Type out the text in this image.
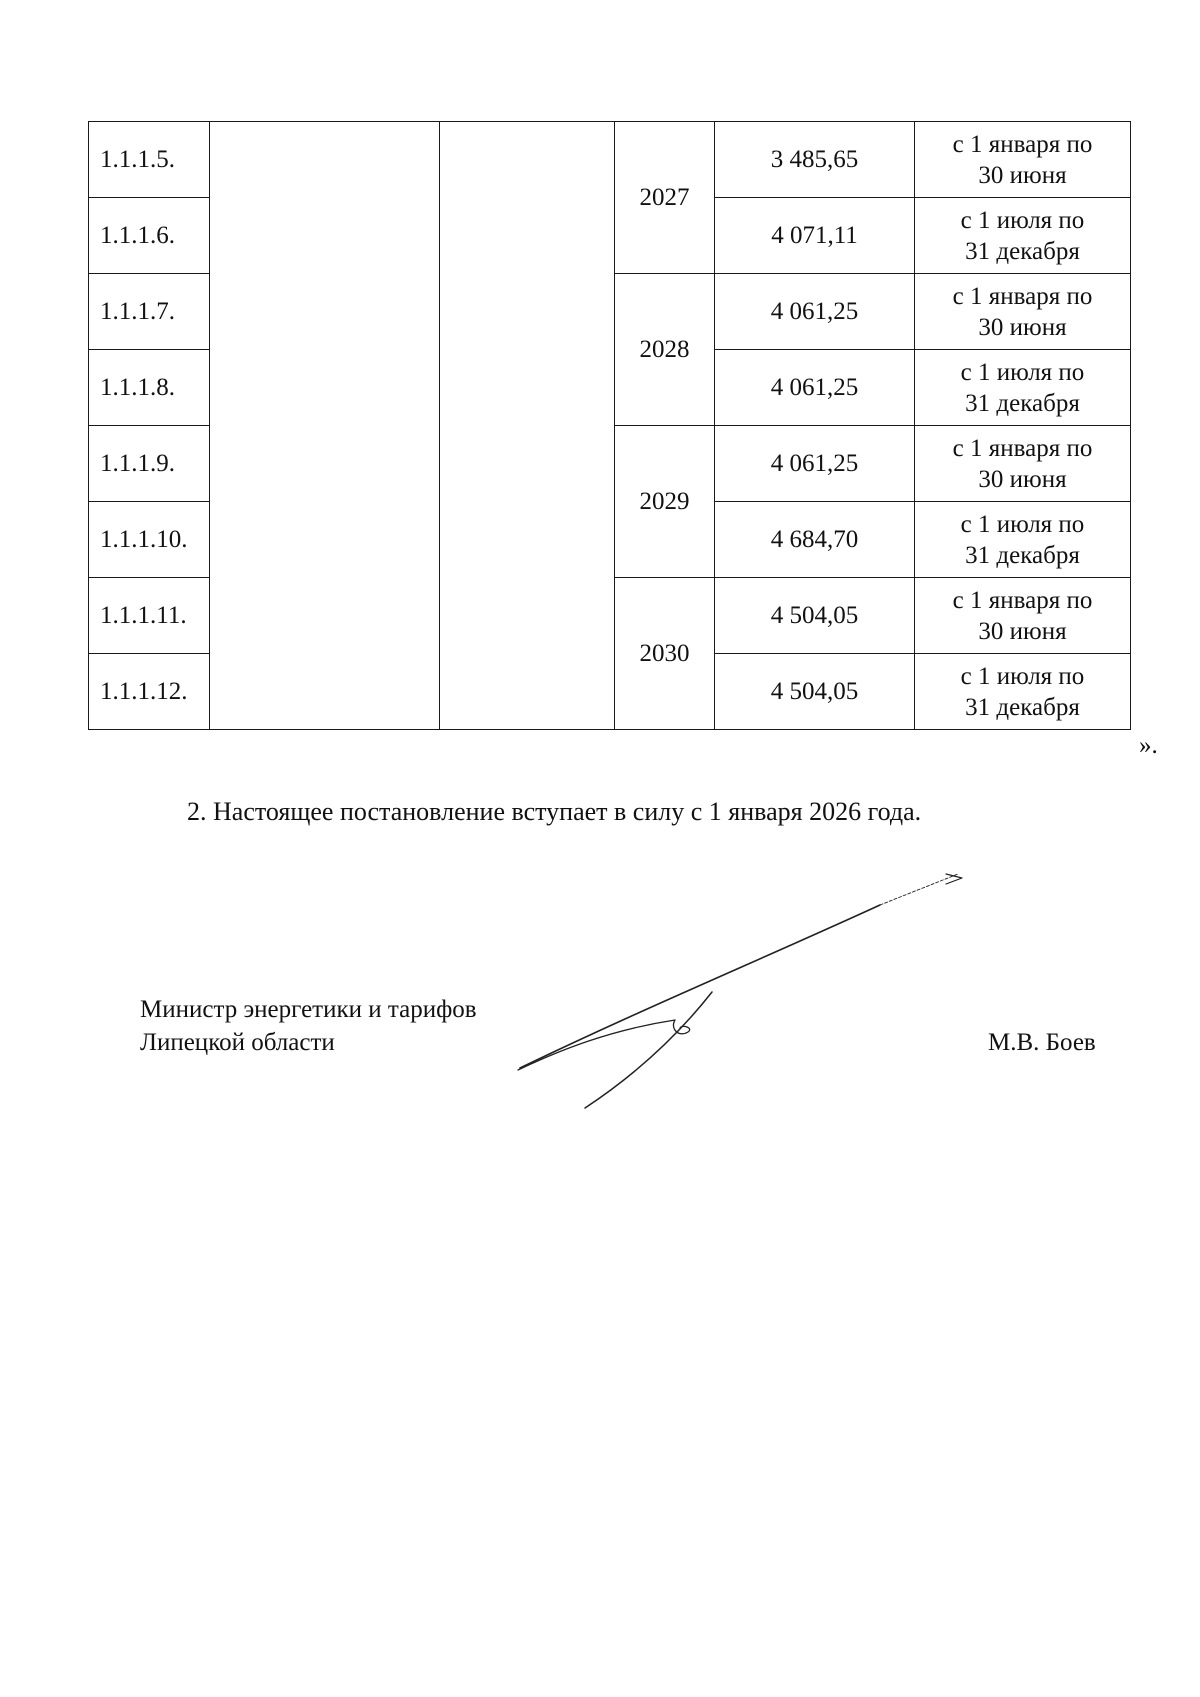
1.1.1.5.			2027	3 485,65	с 1 января по
30 июня
1.1.1.6.				4 071,11	с 1 июля по
31 декабря
1.1.1.7.			2028	4 061,25	с 1 января по
30 июня
1.1.1.8.				4 061,25	с 1 июля по
31 декабря
1.1.1.9.			2029	4 061,25	с 1 января по
30 июня
1.1.1.10.				4 684,70	с 1 июля по
31 декабря
1.1.1.11.			2030	4 504,05	с 1 января по
30 июня
1.1.1.12.				4 504,05	с 1 июля по
31 декабря
».
2. Настоящее постановление вступает в силу с 1 января 2026 года.
Министр энергетики и тарифов
Липецкой области	М.В. Боев
